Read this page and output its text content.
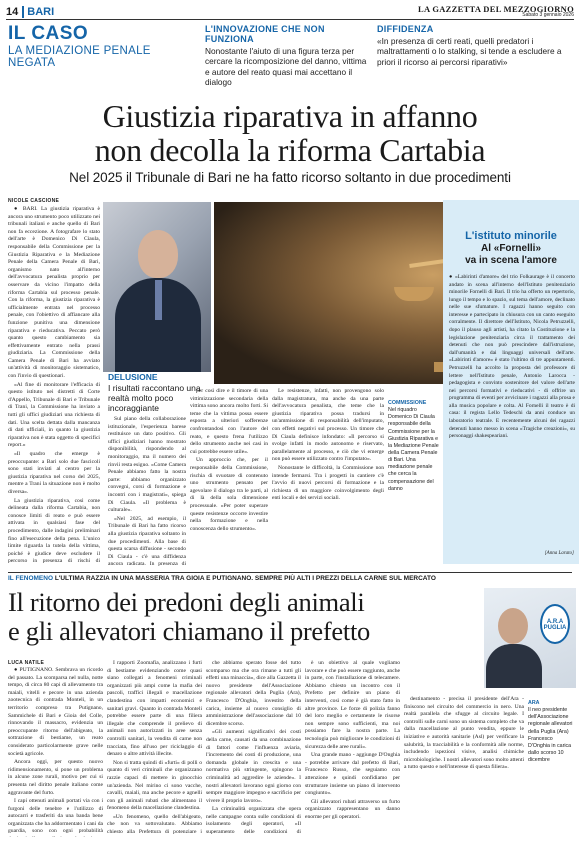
14 BARI	LA GAZZETTA DEL MEZZOGIORNO
Sabato 3 gennaio 2026
IL CASO
LA MEDIAZIONE PENALE NEGATA
L'INNOVAZIONE CHE NON FUNZIONA
Nonostante l'aiuto di una figura terza per cercare la ricomposizione del danno, vittima e autore del reato quasi mai accettano il dialogo
DIFFIDENZA
«In presenza di certi reati, quelli predatori i maltrattamenti o lo stalking, si tende a escludere a priori il ricorso ai percorsi riparativi»
Giustizia riparativa in affanno
non decolla la riforma Cartabia
Nel 2025 il Tribunale di Bari ne ha fatto ricorso soltanto in due procedimenti
NICOLE CASCIONE

● BARI. La giustizia riparativa è ancora uno strumento poco utilizzato nei tribunali italiani e anche quello di Bari non fa eccezione. A fotografare lo stato dell'arte è Domenico Di Ciaula, responsabile della Commissione per la Giustizia Riparativa e la Mediazione Penale della Camera Penale di Bari, organismo nato all'interno dell'avvocatura penalista proprio per osservare da vicino l'impatto della riforma Cartabia sul processo penale. Con la riforma, la giustizia riparativa è ufficialmente entrata nel processo penale, con l'obiettivo di affiancare alla funzione punitiva una dimensione riparativa e rieducativa. Peccato però quanto questo cambiamento sia effettivamente entrato nella prassi giudiziaria. La Commissione della Camera Penale di Bari ha avviato un'attività di monitoraggio sistematico, con l'invio di questionari.

«Al fine di monitorare l'efficacia di questo istituto nei distretti di Corte d'Appello, Tribunale di Bari e Tribunale di Trani, la Commissione ha inviato a tutti gli uffici giudiziari una richiesta di dati. Una scelta dettata dalla mancanza di dati ufficiali, in quanto la giustizia riparativa non è stata oggetto di specifici report.»

«Il quadro che emerge è preoccupante: a Bari solo due fascicoli sono stati inviati al centro per la giustizia riparativa nel corso del 2025, mentre a Trani la situazione non è molto diversa».

La giustizia riparativa, così come delineata dalla riforma Cartabia, non conosce limiti di reato e può essere attivata in qualsiasi fase del procedimento, dalle indagini preliminari fino all'esecuzione della pena. L'unico limite riguarda la tutela della vittima, poiché è giudice deve escludere il percorso in presenza di rischi di

DELUSIONE
I risultati raccontano una realtà molto poco incoraggiante

Sul piano della collaborazione istituzionale, l'esperienza barese restituisce un dato positivo. Gli uffici giudiziari hanno mostrato disponibilità, rispondendo al monitoraggio, ma il numero dei rinvii resta esiguo. «Come Camera Penale abbiamo fatto la nostra parte: abbiamo organizzato convegni, corsi di formazione e incontri con i magistrati», spiega Di Ciaula. «Il problema è culturale».

«Nel 2025, ad esempio, il Tribunale di Bari ha fatto ricorso alla giustizia riparativa soltanto in due procedimenti. Alla base di questa scarsa diffusione - secondo Di Ciaula - c'è una diffidenza ancora radicata. In presenza di

per così dire e il timore di una vittimizzazione secondaria della vittima sono ancora molto forti. Si teme che la vittima possa essere esposta a ulteriori sofferenze confrontandosi con l'autore del reato, e questo frena l'utilizzo dello strumento anche nei casi in cui potrebbe essere utile».

Un approccio che, per il responsabile della Commissione, rischia di svuotare di contenuto uno strumento pensato per agevolare il dialogo tra le parti, al di là della sola dimensione processuale. «Per poter superare queste resistenze occorre investire nella formazione e nella conoscenza dello strumento».

Le resistenze, infatti, non provengono solo dalla magistratura, ma anche da una parte dell'avvocatura penalista, che teme che la giustizia riparativa possa tradursi in un'ammissione di responsabilità dell'imputato, con effetti negativi sul processo. Un timore che Di Ciaula definisce infondato: «Il percorso si svolge infatti in modo autonomo e riservato, parallelamente al processo, e ciò che vi emerge non può essere utilizzato contro l'imputato».

Nonostante le difficoltà, la Commissione non intende fermarsi. Tra i progetti in cantiere c'è l'avvio di nuovi percorsi di formazione e la richiesta di un maggiore coinvolgimento degli enti locali e dei servizi sociali.

COMMISSIONE
Nel riquadro Domenico Di Ciaula responsabile della Commissione per la Giustizia Riparativa e la Mediazione Penale della Camera Penale di Bari. Una mediazione penale che cerca la compensazione del danno
L'istituto minorile
Al «Fornelli»
va in scena l'amore
● «Labirinti d'amore» del trio Folkaurage è il concerto andato in scena all'interno dell'Istituto penitenziario minorile Fornelli di Bari. Il trio ha offerto un repertorio, lungo il tempo e lo spazio, sul tema dell'amore, declinato nelle sue sfumature. I ragazzi hanno seguito con interesse e partecipato in chiusura con un canto eseguito corralmente. Il direttore dell'Istituto, Nicola Petruzzelli, dopo il plauso agli artisti, ha citato la Costituzione e la legislazione penitenziaria circa il trattamento dei detenuti che non può prescindere dall'istruzione, dall'umanità e dai linguaggi universali dell'arte. «Labirinti d'amore» è stato l'ultimo di tre appuntamenti. Petruzzelli ha accolto la proposta del professore di lettere nell'Istituto penale, Antonio Larocca - pedagogista e convinto sostenitore del valore dell'arte nei percorsi formativi e rieducativi - di offrire un programma di eventi per avvicinare i ragazzi alla prosa e alla musica popolare e colta. Al Fornelli il teatro è di casa: il regista Lello Tedeschi da anni conduce un laboratorio teatrale. E recentemente alcuni dei ragazzi detenuti hanno messo in scena «Tragiche creazioni», su personaggi shakespeariani.
[Anna Larato]
IL FENOMENO L'ULTIMA RAZZIA IN UNA MASSERIA TRA GIOIA E PUTIGNANO. SEMPRE PIÙ ALTI I PREZZI DELLA CARNE SUL MERCATO
Il ritorno dei predoni degli animali
e gli allevatori chiamano il prefetto	A.R.A PUGLIA
LUCA NATILE

● PUTIGNANO. Sembrava un ricordo del passato. La scomparsa nel nulla, notte tempo, di circa 80 capi di allevamento tra maiali, vitelli e pecore in una azienda zootecnica di contrada Monteli, in un territorio compreso tra Putignano, Sammichele di Bari e Gioia del Colle, rinnovando il massacro, evidenzia un preoccupante ritorno dell'abigeato, la sottrazione di bestiame, un reato considerato particolarmente grave nelle società agricole.

Ancora oggi, per questo nuovo ridimensionamento, si pone un problema in alcune zone rurali, motivo per cui si presenta nel diritto penale italiano come aggravante del furto.

I capi ottenuti animali portati via con i furgoni delle tenebre e l'utilizzo di autocarri e trasferiti da una banda bene organizzata che ha addormentato i cani da guardia, sono con ogni probabilità

I rapporti Zoomafia, analizzano i furti di bestiame evidenziando come quasi siano collegati a fenomeni criminali organizzati più ampi come la mafia dei pascoli, traffici illegali e macellazione clandestina con impatti economici e sanitari gravi. Quanto in contrada Monteli potrebbe essere parte di una filiera illegale che comprende il prelievo di animali non autorizzati in aree senza controlli sanitari, la vendita di carne non tracciata, fino all'uso per riciclaggio di denaro o altre attività illecite.

Non si tratta quindi di «furti» di polli o quanto di veri criminali che organizzano razzie capaci di mettere in ginocchio un'azienda. Nel mirino ci sono vacche, cavalli, maiali, ma anche pecore e agnelli con gli animali rubati che alimentano il fenomeno della macellazione clandestina.

«Un fenomeno, quello dell'abigeato, che non va sottovalutato. Abbiamo chiesto alla Prefettura di potenziare i

che abbiamo sperato fosse del tutto scomparso ma che ora rimane a tutti gli effetti una minaccia», dice alla Gazzetta il nuovo presidente dell'Associazione regionale allevatori della Puglia (Ara), Francesco D'Onghia, investito della carica, insieme al nuovo consiglio di amministrazione dell'associazione dal 10 dicembre scorso.

«Gli aumenti significativi dei costi della carne, causati da una combinazione di fattori come l'influenza aviaria, l'incremento dei costi di produzione, una domanda globale in crescita e una normativa più stringente, spingono la criminalità ad aggredire le aziende». I nostri allevatori lavorano ogni giorno con sempre maggiore impegno e sacrificio per vivere il proprio lavoro».

La criminalità organizzata che opera nelle campagne conta sulle condizioni di isolamento degli operatori, «Il superamento delle condizioni di

è un obiettivo al quale vogliamo lavorare e che può essere raggiunto, anche in parte, con l'installazione di telecamere. Abbiamo chiesto un incontro con il Prefetto per definire un piano di interventi, così come è già stato fatto in altre province. Le forze di polizia fanno del loro meglio e certamente le risorse non sempre sono sufficienti, ma noi possiamo fare la nostra parte. La tecnologia può migliorare le condizioni di sicurezza delle aree rurali».

Una grande mano - aggiunge D'Onghia - potrebbe arrivare dal prefetto di Bari, Francesco Russo, che seguiamo con attenzione e quindi confidiamo per strutturare insieme un piano di intervento congiunto».

Gli allevatori rubati attraverso un furto organizzato rappresentano un danno enorme per gli operatori.

destinamento - precisa il presidente dell'Ara - finiscono nel circuito del commercio in nero. Una realtà parallela che sfugge al circuito legale. I controlli sulle carni sono un sistema completo che va dalla macellazione al punto vendita, eppure le iniziative e autorità sanitarie (Asl) per verificare la salubrità, la tracciabilità e la conformità alle norme, includendo ispezioni visive, analisi chimiche microbiologiche. I nostri allevatori sono molto attenti a tutto questo e nell'interesse di questa filiera».

ARA
Il neo presidente dell'Associazione regionale allevatori della Puglia (Ara) Francesco D'Onghia in carica dallo scorso 10 dicembre
